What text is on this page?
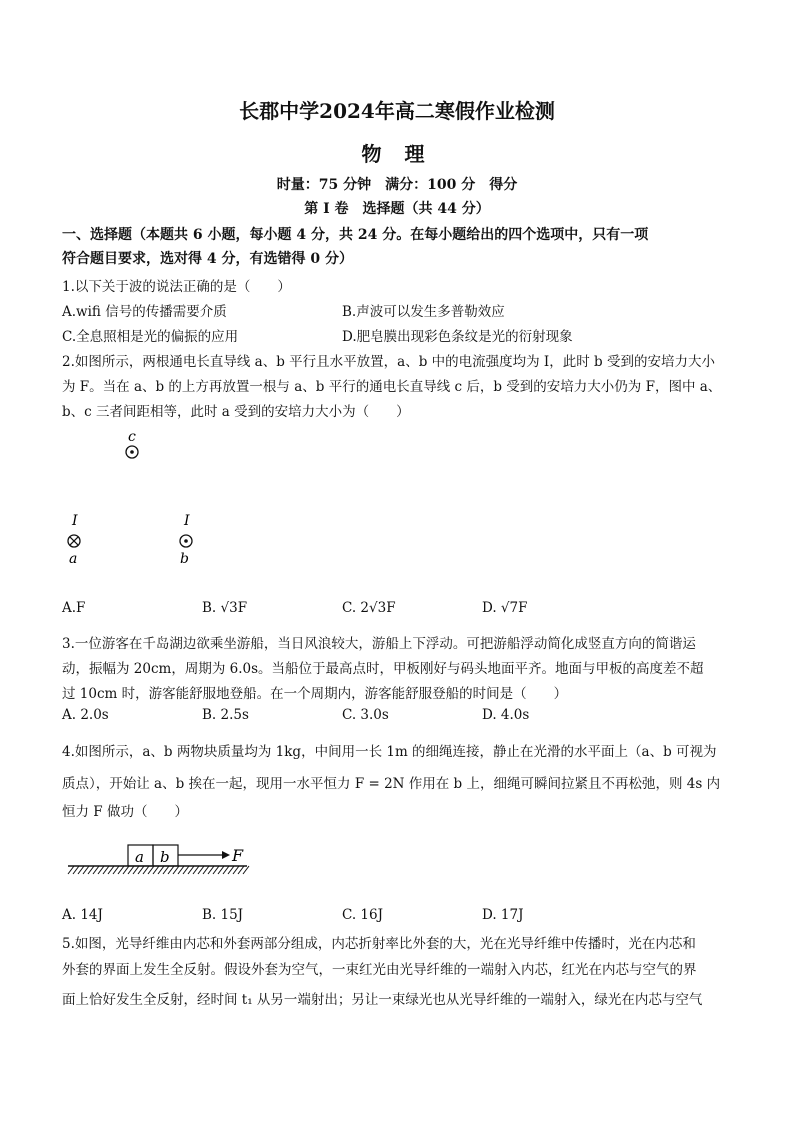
长郡中学2024年高二寒假作业检测
物 理
时量：75 分钟　满分：100 分　得分
第 I 卷　选择题（共 44 分）
一、选择题（本题共 6 小题，每小题 4 分，共 24 分。在每小题给出的四个选项中，只有一项
符合题目要求，选对得 4 分，有选错得 0 分）
1.以下关于波的说法正确的是（　　）
A.wifi 信号的传播需要介质	B.声波可以发生多普勒效应
C.全息照相是光的偏振的应用	D.肥皂膜出现彩色条纹是光的衍射现象
2.如图所示，两根通电长直导线 a、b 平行且水平放置，a、b 中的电流强度均为 I，此时 b 受到的安培力大小
为 F。当在 a、b 的上方再放置一根与 a、b 平行的通电长直导线 c 后，b 受到的安培力大小仍为 F，图中 a、
b、c 三者间距相等，此时 a 受到的安培力大小为（　　）
c
I
a
I
b
A.F	B. √3F	C. 2√3F	D. √7F
3.一位游客在千岛湖边欲乘坐游船，当日风浪较大，游船上下浮动。可把游船浮动简化成竖直方向的简谐运
动，振幅为 20cm，周期为 6.0s。当船位于最高点时，甲板刚好与码头地面平齐。地面与甲板的高度差不超
过 10cm 时，游客能舒服地登船。在一个周期内，游客能舒服登船的时间是（　　）
A. 2.0s	B. 2.5s	C. 3.0s	D. 4.0s
4.如图所示，a、b 两物块质量均为 1kg，中间用一长 1m 的细绳连接，静止在光滑的水平面上（a、b 可视为
质点），开始让 a、b 挨在一起，现用一水平恒力 F = 2N 作用在 b 上，细绳可瞬间拉紧且不再松弛，则 4s 内
恒力 F 做功（　　）
a b	F
A. 14J	B. 15J	C. 16J	D. 17J
5.如图，光导纤维由内芯和外套两部分组成，内芯折射率比外套的大，光在光导纤维中传播时，光在内芯和
外套的界面上发生全反射。假设外套为空气，一束红光由光导纤维的一端射入内芯，红光在内芯与空气的界
面上恰好发生全反射，经时间 t₁ 从另一端射出；另让一束绿光也从光导纤维的一端射入，绿光在内芯与空气
